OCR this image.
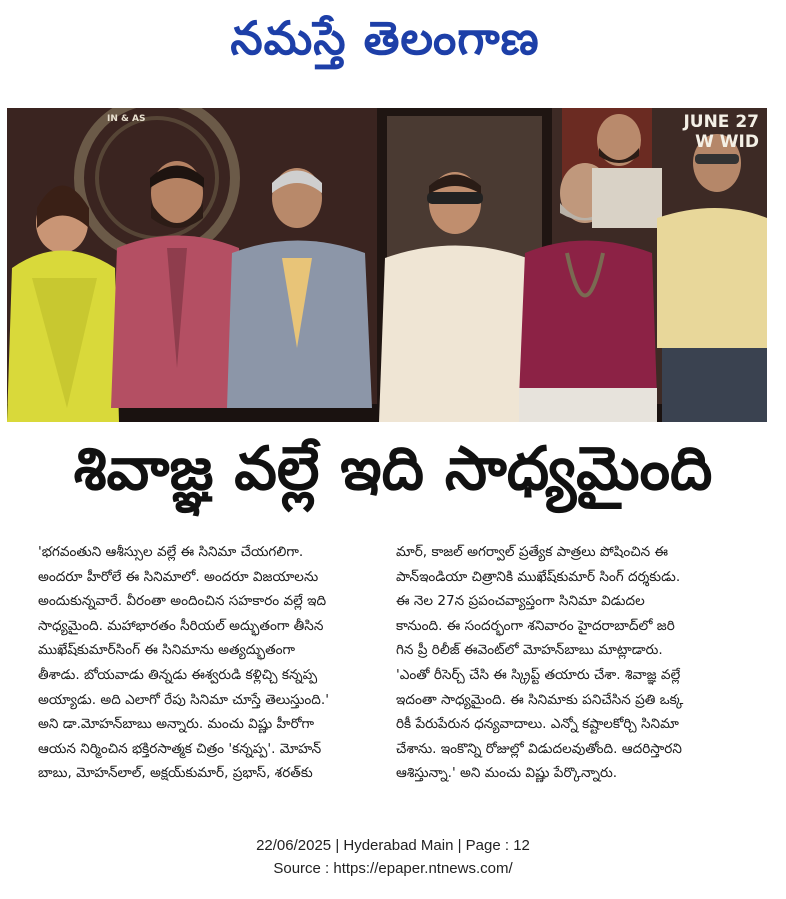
నమస్తే తెలంగాణ
IN & AS	JUNE 27
W WID
శివాజ్ఞ వల్లే ఇది సాధ్యమైంది

'భగవంతుని ఆశీస్సుల వల్లే ఈ సినిమా చేయగలిగా.

అందరూ హీరోలే ఈ సినిమాలో. అందరూ విజయాలను

అందుకున్నవారే. వీరంతా అందించిన సహకారం వల్లే ఇది

సాధ్యమైంది. మహాభారతం సీరియల్ అద్భుతంగా తీసిన

ముఖేష్‌కుమార్‌సింగ్ ఈ సినిమాను అత్యద్భుతంగా

తీశాడు. బోయవాడు తిన్నడు ఈశ్వరుడి కళ్లిచ్చి కన్నప్ప

అయ్యాడు. అది ఎలాగో రేపు సినిమా చూస్తే తెలుస్తుంది.'

అని డా.మోహన్‌బాబు అన్నారు. మంచు విష్ణు హీరోగా

ఆయన నిర్మించిన భక్తిరసాత్మక చిత్రం 'కన్నప్ప'. మోహన్

బాబు, మోహన్‌లాల్, అక్షయ్‌కుమార్, ప్రభాస్, శరత్‌కు

మార్, కాజల్ అగర్వాల్ ప్రత్యేక పాత్రలు పోషించిన ఈ

పాన్‌ఇండియా చిత్రానికి ముఖేష్‌కుమార్ సింగ్ దర్శకుడు.

ఈ నెల 27న ప్రపంచవ్యాప్తంగా సినిమా విడుదల

కానుంది. ఈ సందర్భంగా శనివారం హైదరాబాద్‌లో జరి

గిన ప్రీ రిలీజ్ ఈవెంట్‌లో మోహన్‌బాబు మాట్లాడారు.

'ఎంతో రీసెర్చ్ చేసి ఈ స్క్రిప్ట్ తయారు చేశా. శివాజ్ఞ వల్లే

ఇదంతా సాధ్యమైంది. ఈ సినిమాకు పనిచేసిన ప్రతి ఒక్క

రికీ పేరుపేరున ధన్యవాదాలు. ఎన్నో కష్టాలకోర్చి సినిమా

చేశాను. ఇంకొన్ని రోజుల్లో విడుదలవుతోంది. ఆదరిస్తారని

ఆశిస్తున్నా.' అని మంచు విష్ణు పేర్కొన్నారు.

22/06/2025 | Hyderabad Main | Page : 12
Source : https://epaper.ntnews.com/
